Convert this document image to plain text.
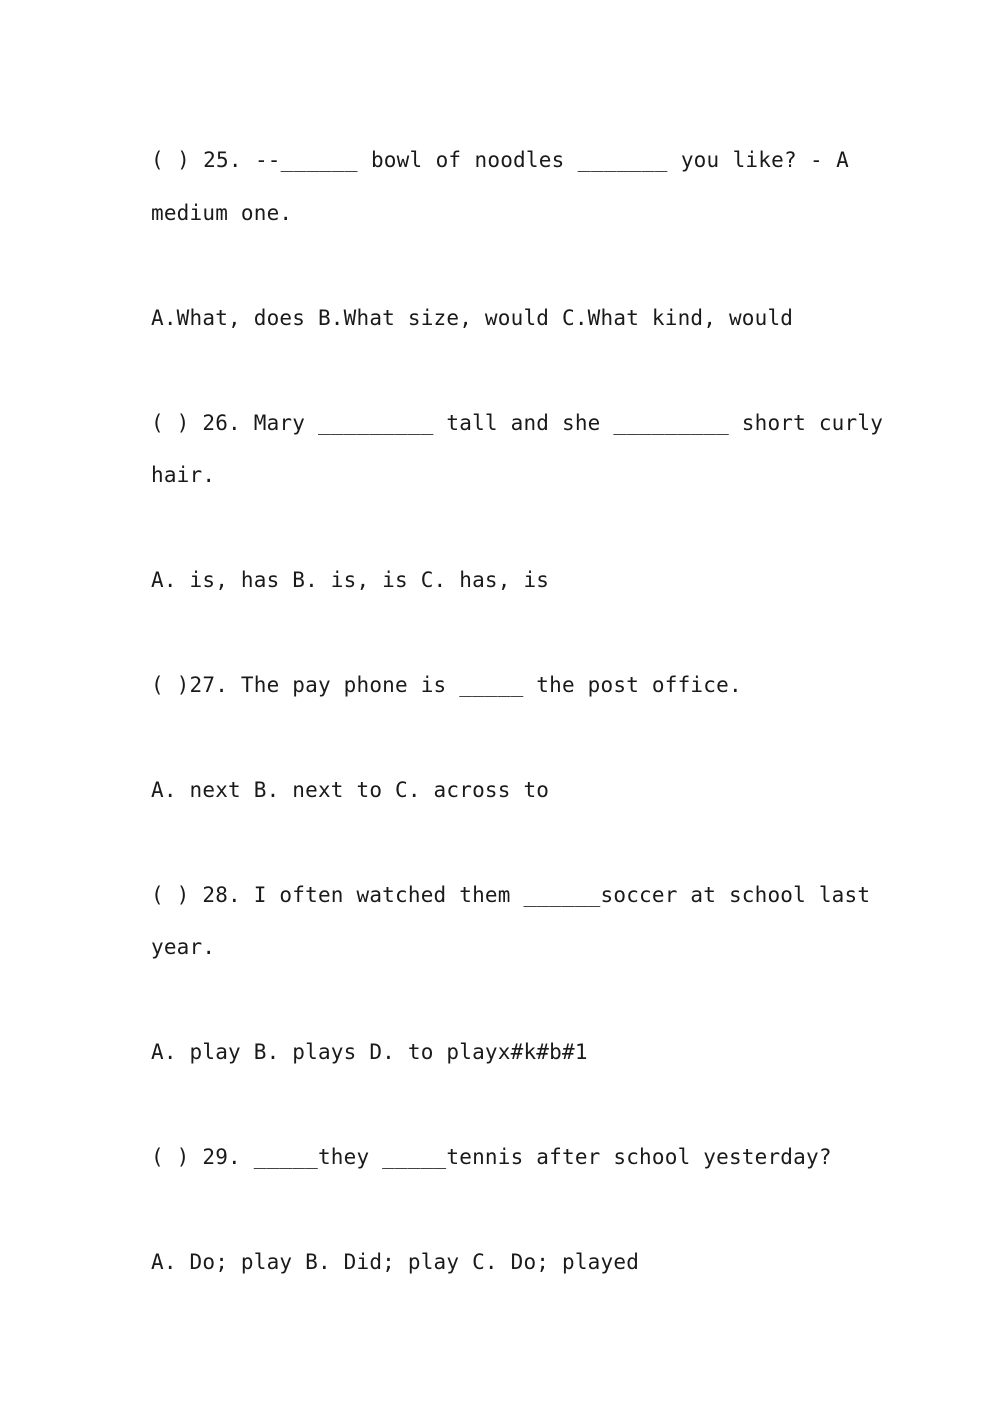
( ) 25. --______ bowl of noodles _______ you like? - A
medium one.
A.What, does B.What size, would C.What kind, would
( ) 26. Mary _________ tall and she _________ short curly
hair.
A. is, has B. is, is C. has, is
( )27. The pay phone is _____ the post office.
A. next B. next to C. across to
( ) 28. I often watched them ______soccer at school last
year.
A. play B. plays D. to playx#k#b#1
( ) 29. _____they _____tennis after school yesterday?
A. Do; play B. Did; play C. Do; played
